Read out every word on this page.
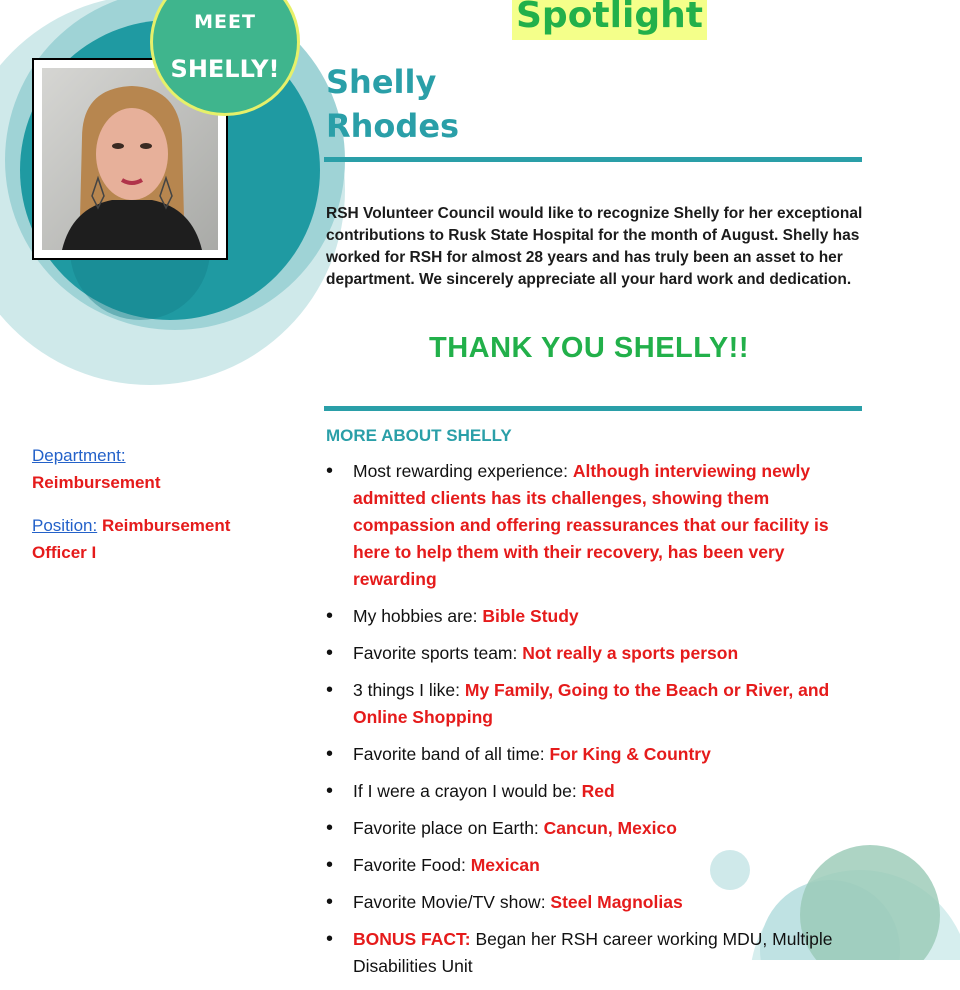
MEET
SHELLY!
Spotlight
Shelly
Rhodes
RSH Volunteer Council would like to recognize Shelly for her exceptional contributions to Rusk State Hospital for the month of August. Shelly has worked for RSH for almost 28 years and has truly been an asset to her department. We sincerely appreciate all your hard work and dedication.
THANK YOU SHELLY!!
MORE ABOUT SHELLY
Department:
Reimbursement
Position: Reimbursement Officer I
• Most rewarding experience: Although interviewing newly admitted clients has its challenges, showing them compassion and offering reassurances that our facility is here to help them with their recovery, has been very rewarding
• My hobbies are: Bible Study
• Favorite sports team: Not really a sports person
• 3 things I like: My Family, Going to the Beach or River, and Online Shopping
• Favorite band of all time: For King & Country
• If I were a crayon I would be: Red
• Favorite place on Earth: Cancun, Mexico
• Favorite Food: Mexican
• Favorite Movie/TV show: Steel Magnolias
• BONUS FACT: Began her RSH career working MDU, Multiple Disabilities Unit
